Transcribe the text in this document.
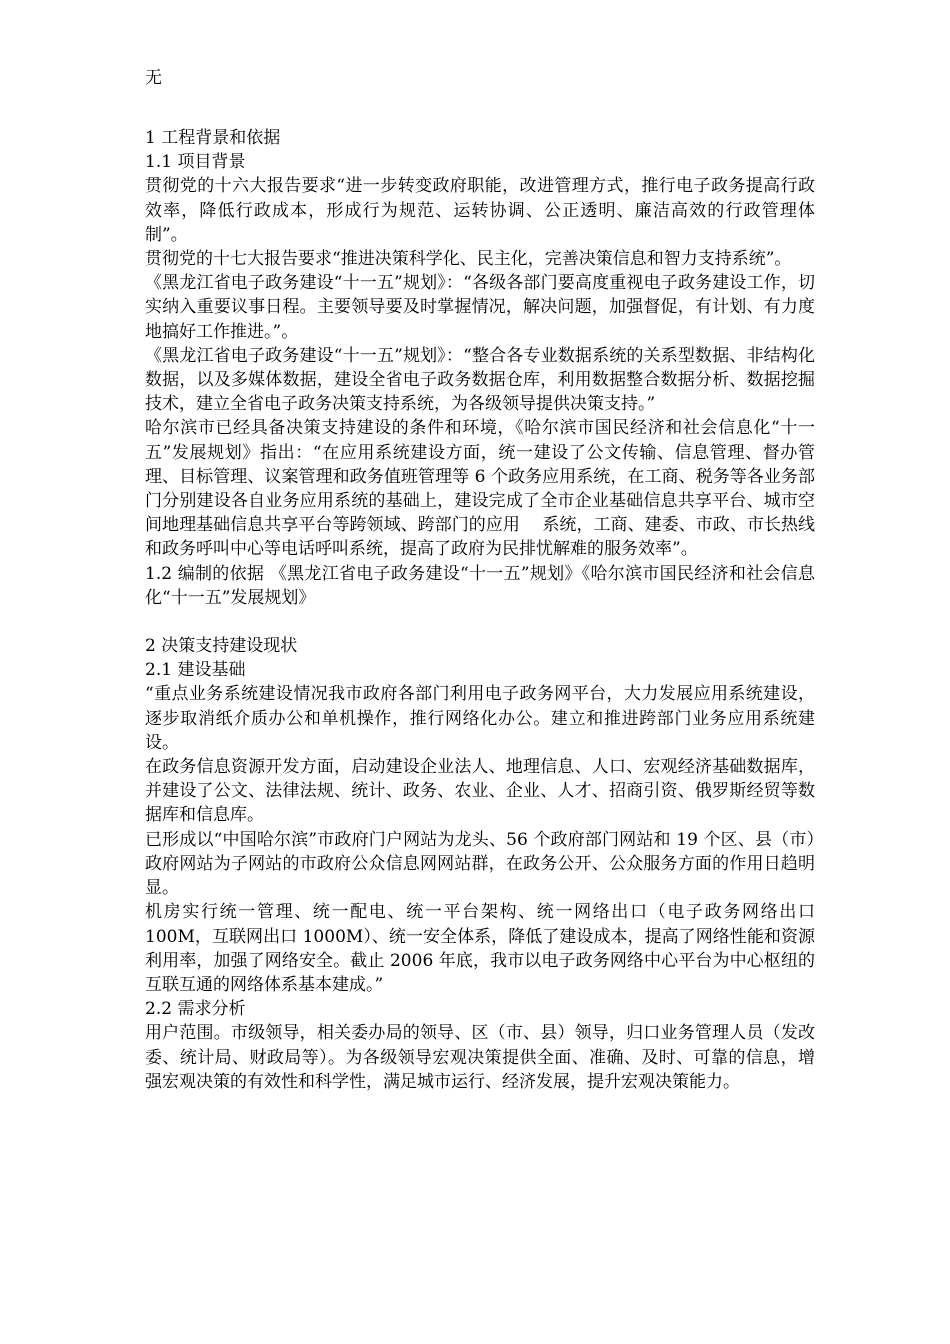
无

1 工程背景和依据

1.1 项目背景

贯彻党的十六大报告要求“进一步转变政府职能，改进管理方式，推行电子政务提高行政效率，降低行政成本，形成行为规范、运转协调、公正透明、廉洁高效的行政管理体制”。

贯彻党的十七大报告要求“推进决策科学化、民主化，完善决策信息和智力支持系统”。

《黑龙江省电子政务建设“十一五”规划》：“各级各部门要高度重视电子政务建设工作，切实纳入重要议事日程。主要领导要及时掌握情况，解决问题，加强督促，有计划、有力度地搞好工作推进。”。

《黑龙江省电子政务建设“十一五”规划》：“整合各专业数据系统的关系型数据、非结构化数据，以及多媒体数据，建设全省电子政务数据仓库，利用数据整合数据分析、数据挖掘技术，建立全省电子政务决策支持系统，为各级领导提供决策支持。”

哈尔滨市已经具备决策支持建设的条件和环境，《哈尔滨市国民经济和社会信息化“十一五”发展规划》指出：“在应用系统建设方面，统一建设了公文传输、信息管理、督办管理、目标管理、议案管理和政务值班管理等 6 个政务应用系统，在工商、税务等各业务部门分别建设各自业务应用系统的基础上，建设完成了全市企业基础信息共享平台、城市空间地理基础信息共享平台等跨领域、跨部门的应用　 系统，工商、建委、市政、市长热线和政务呼叫中心等电话呼叫系统，提高了政府为民排忧解难的服务效率”。

1.2 编制的依据 《黑龙江省电子政务建设“十一五”规划》《哈尔滨市国民经济和社会信息化“十一五”发展规划》

2 决策支持建设现状

2.1 建设基础

“重点业务系统建设情况我市政府各部门利用电子政务网平台，大力发展应用系统建设，逐步取消纸介质办公和单机操作，推行网络化办公。建立和推进跨部门业务应用系统建设。

在政务信息资源开发方面，启动建设企业法人、地理信息、人口、宏观经济基础数据库，并建设了公文、法律法规、统计、政务、农业、企业、人才、招商引资、俄罗斯经贸等数据库和信息库。

已形成以“中国哈尔滨”市政府门户网站为龙头、56 个政府部门网站和 19 个区、县（市）政府网站为子网站的市政府公众信息网网站群，在政务公开、公众服务方面的作用日趋明显。

机房实行统一管理、统一配电、统一平台架构、统一网络出口（电子政务网络出口 100M，互联网出口 1000M）、统一安全体系，降低了建设成本，提高了网络性能和资源利用率，加强了网络安全。截止 2006 年底，我市以电子政务网络中心平台为中心枢纽的互联互通的网络体系基本建成。”

2.2 需求分析

用户范围。市级领导，相关委办局的领导、区（市、县）领导，归口业务管理人员（发改委、统计局、财政局等）。为各级领导宏观决策提供全面、准确、及时、可靠的信息，增强宏观决策的有效性和科学性，满足城市运行、经济发展，提升宏观决策能力。
